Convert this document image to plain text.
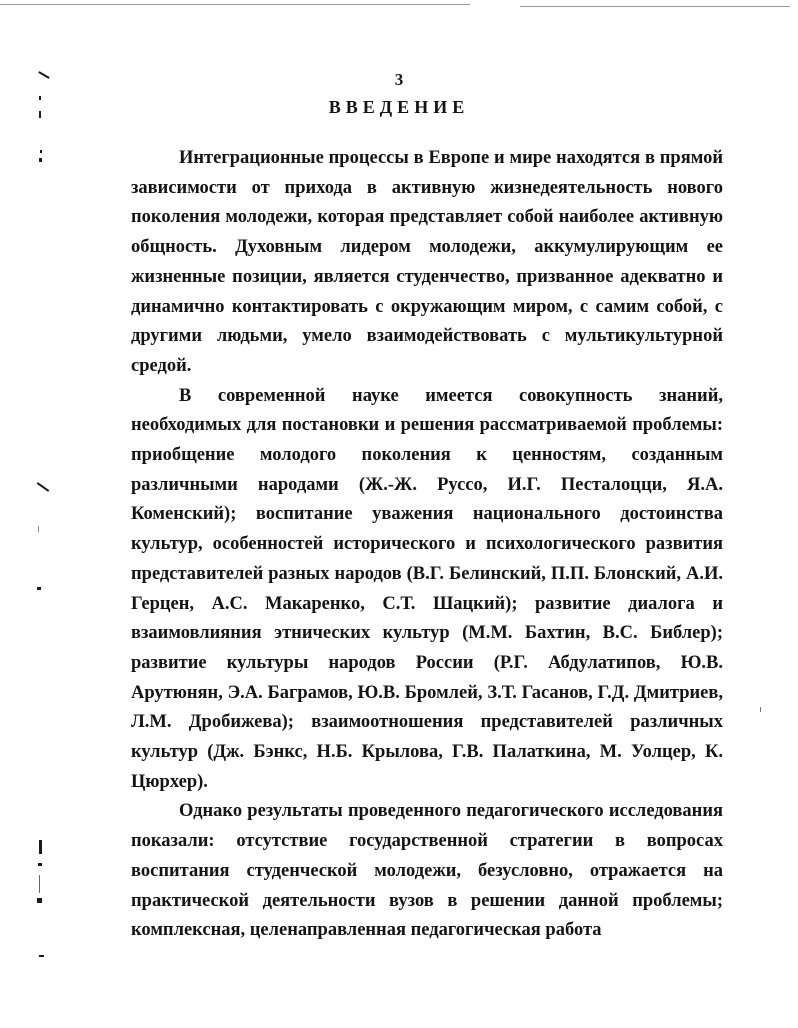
3
ВВЕДЕНИЕ

Интеграционные процессы в Европе и мире находятся в прямой зависимости от прихода в активную жизнедеятельность нового поколения молодежи, которая представляет собой наиболее активную общность. Духовным лидером молодежи, аккумулирующим ее жизненные позиции, является студенчество, призванное адекватно и динамично контактировать с окружающим миром, с самим собой, с другими людьми, умело взаимодействовать с мультикультурной средой.

В современной науке имеется совокупность знаний, необходимых для постановки и решения рассматриваемой проблемы: приобщение молодого поколения к ценностям, созданным различными народами (Ж.-Ж. Руссо, И.Г. Песталоцци, Я.А. Коменский); воспитание уважения национального достоинства культур, особенностей исторического и психологического развития представителей разных народов (В.Г. Белинский, П.П. Блонский, А.И. Герцен, А.С. Макаренко, С.Т. Шацкий); развитие диалога и взаимовлияния этнических культур (М.М. Бахтин, В.С. Библер); развитие культуры народов России (Р.Г. Абдулатипов, Ю.В. Арутюнян, Э.А. Баграмов, Ю.В. Бромлей, З.Т. Гасанов, Г.Д. Дмитриев, Л.М. Дробижева); взаимоотношения представителей различных культур (Дж. Бэнкс, Н.Б. Крылова, Г.В. Палаткина, М. Уолцер, К. Цюрхер).

Однако результаты проведенного педагогического исследования показали: отсутствие государственной стратегии в вопросах воспитания студенческой молодежи, безусловно, отражается на практической деятельности вузов в решении данной проблемы; комплексная, целенаправленная педагогическая работа
